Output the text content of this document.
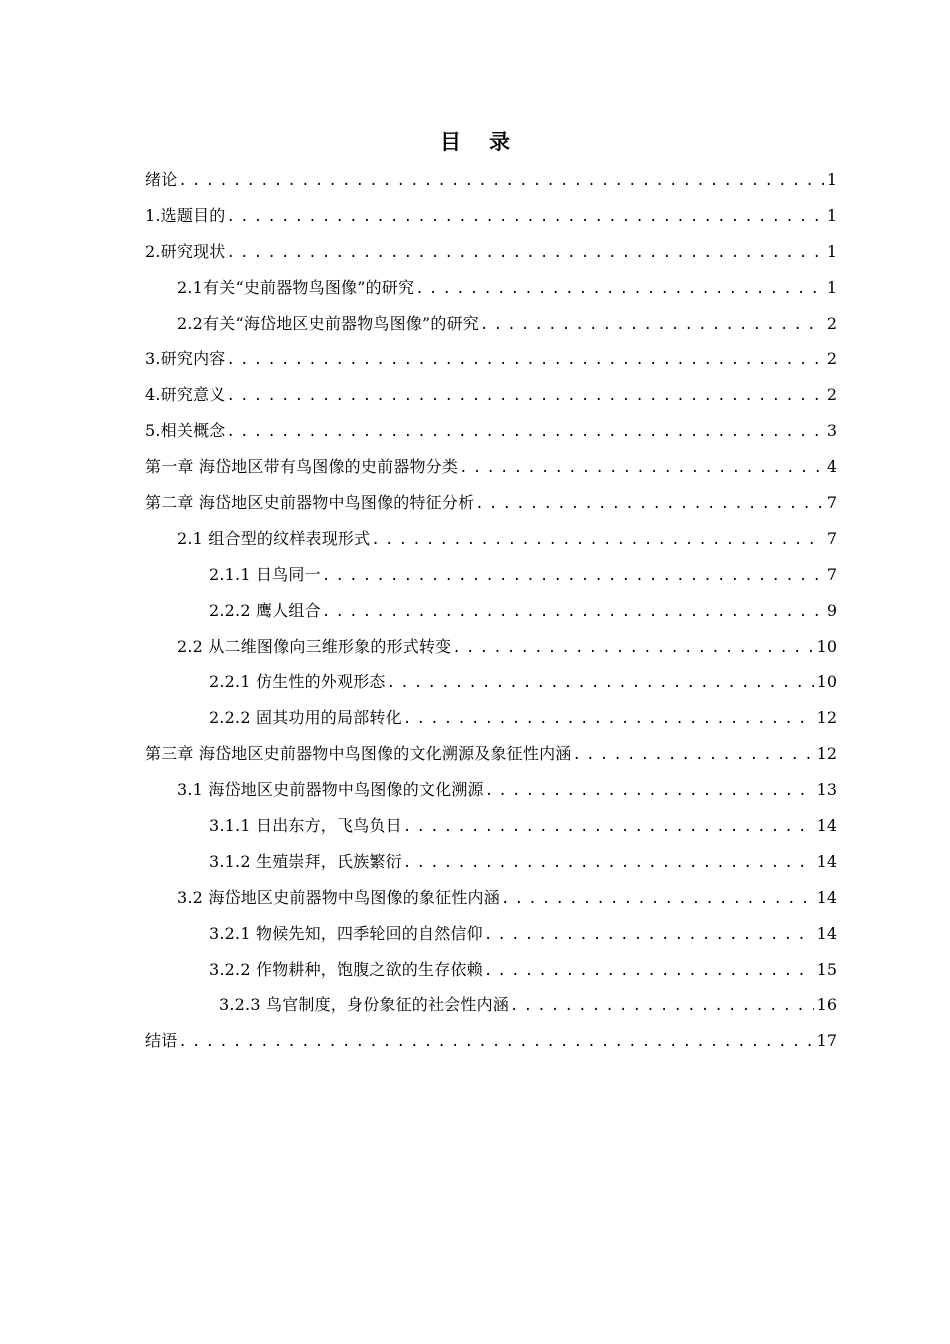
目 录
绪论 .....	1
1.选题目的 .....	1
2.研究现状 .....	1
2.1有关“史前器物鸟图像”的研究 .....	1
2.2有关“海岱地区史前器物鸟图像”的研究 .....	2
3.研究内容 .....	2
4.研究意义 .....	2
5.相关概念 .....	3
第一章 海岱地区带有鸟图像的史前器物分类 .....	4
第二章 海岱地区史前器物中鸟图像的特征分析 .....	7
2.1 组合型的纹样表现形式 .....	7
2.1.1 日鸟同一 .....	7
2.2.2 鹰人组合 .....	9
2.2 从二维图像向三维形象的形式转变 .....	10
2.2.1 仿生性的外观形态 .....	10
2.2.2 固其功用的局部转化 .....	12
第三章 海岱地区史前器物中鸟图像的文化溯源及象征性内涵 .....	12
3.1 海岱地区史前器物中鸟图像的文化溯源 .....	13
3.1.1 日出东方，飞鸟负日 .....	14
3.1.2 生殖崇拜，氏族繁衍 .....	14
3.2 海岱地区史前器物中鸟图像的象征性内涵 .....	14
3.2.1 物候先知，四季轮回的自然信仰 .....	14
3.2.2 作物耕种，饱腹之欲的生存依赖 .....	15
3.2.3 鸟官制度，身份象征的社会性内涵 .....	16
结语 .....	17
